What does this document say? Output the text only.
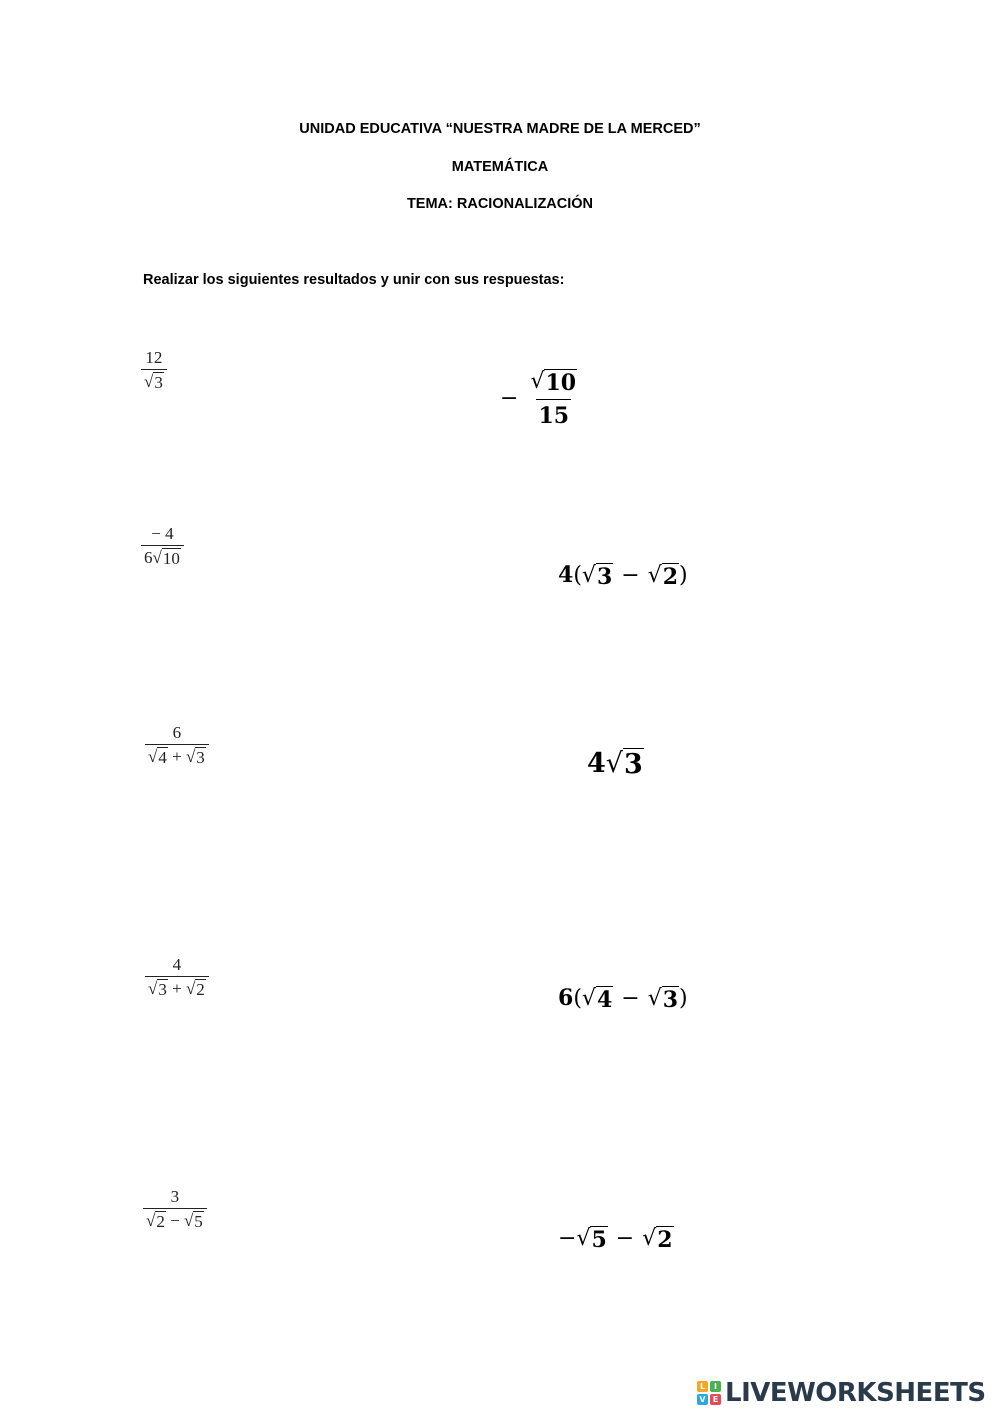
UNIDAD EDUCATIVA “NUESTRA MADRE DE LA MERCED”
MATEMÁTICA
TEMA: RACIONALIZACIÓN
Realizar los siguientes resultados y unir con sus respuestas:
$\frac{12}{√ 3}$
$\frac{- 4}{6 √ 10}$
$\frac{6}{√ 4 + √ 3}$
$\frac{4}{√ 3 + √ 2}$
$\frac{3}{√ 2 - √ 5}$
− $\frac{√ 10}{15}$
4( √ 3 − √ 2 )
4 √ 3
6( √ 4 − √ 3 )
− √ 5 − √ 2
L	I
V E LIVEWORKSHEETS
